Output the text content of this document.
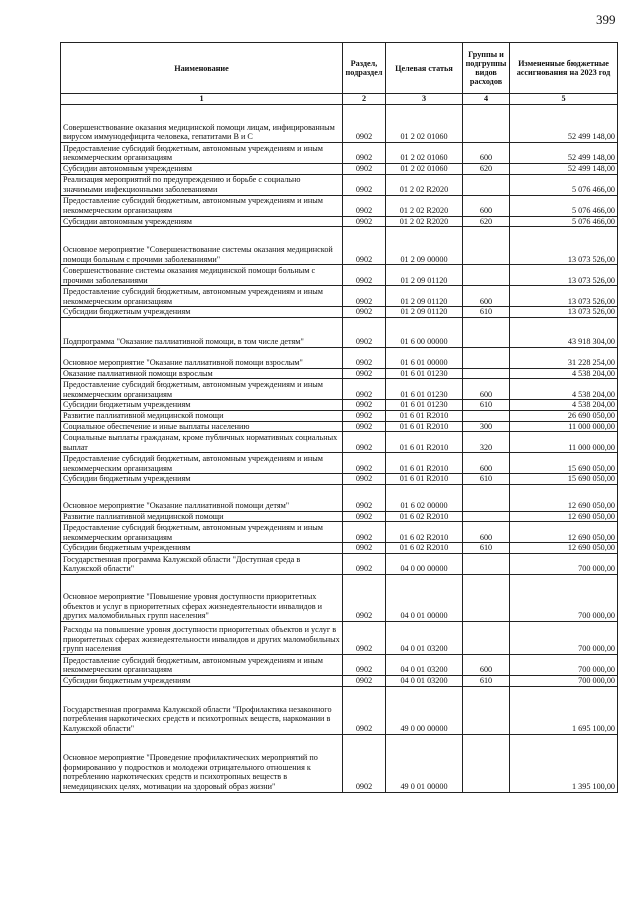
399
Наименование	Раздел, подраздел	Целевая статья	Группы и подгруппы видов расходов	Измененные бюджетные ассигнования на 2023 год
1	2	3	4	5
Совершенствование оказания медицинской помощи лицам, инфицированным вирусом иммунодефицита человека, гепатитами В и С	0902	01 2 02 01060		52 499 148,00
Предоставление субсидий бюджетным, автономным учреждениям и иным некоммерческим организациям	0902	01 2 02 01060	600	52 499 148,00
Субсидии автономным учреждениям	0902	01 2 02 01060	620	52 499 148,00
Реализация мероприятий по предупреждению и борьбе с социально значимыми инфекционными заболеваниями	0902	01 2 02 R2020		5 076 466,00
Предоставление субсидий бюджетным, автономным учреждениям и иным некоммерческим организациям	0902	01 2 02 R2020	600	5 076 466,00
Субсидии автономным учреждениям	0902	01 2 02 R2020	620	5 076 466,00
Основное мероприятие "Совершенствование системы оказания медицинской помощи больным с прочими заболеваниями"	0902	01 2 09 00000		13 073 526,00
Совершенствование системы оказания медицинской помощи больным с прочими заболеваниями	0902	01 2 09 01120		13 073 526,00
Предоставление субсидий бюджетным, автономным учреждениям и иным некоммерческим организациям	0902	01 2 09 01120	600	13 073 526,00
Субсидии бюджетным учреждениям	0902	01 2 09 01120	610	13 073 526,00
Подпрограмма "Оказание паллиативной помощи, в том числе детям"	0902	01 6 00 00000		43 918 304,00
Основное мероприятие "Оказание паллиативной помощи взрослым"	0902	01 6 01 00000		31 228 254,00
Оказание паллиативной помощи взрослым	0902	01 6 01 01230		4 538 204,00
Предоставление субсидий бюджетным, автономным учреждениям и иным некоммерческим организациям	0902	01 6 01 01230	600	4 538 204,00
Субсидии бюджетным учреждениям	0902	01 6 01 01230	610	4 538 204,00
Развитие паллиативной медицинской помощи	0902	01 6 01 R2010		26 690 050,00
Социальное обеспечение и иные выплаты населению	0902	01 6 01 R2010	300	11 000 000,00
Социальные выплаты гражданам, кроме публичных нормативных социальных выплат	0902	01 6 01 R2010	320	11 000 000,00
Предоставление субсидий бюджетным, автономным учреждениям и иным некоммерческим организациям	0902	01 6 01 R2010	600	15 690 050,00
Субсидии бюджетным учреждениям	0902	01 6 01 R2010	610	15 690 050,00
Основное мероприятие "Оказание паллиативной помощи детям"	0902	01 6 02 00000		12 690 050,00
Развитие паллиативной медицинской помощи	0902	01 6 02 R2010		12 690 050,00
Предоставление субсидий бюджетным, автономным учреждениям и иным некоммерческим организациям	0902	01 6 02 R2010	600	12 690 050,00
Субсидии бюджетным учреждениям	0902	01 6 02 R2010	610	12 690 050,00
Государственная программа Калужской области "Доступная среда в Калужской области"	0902	04 0 00 00000		700 000,00
Основное мероприятие "Повышение уровня доступности приоритетных объектов и услуг в приоритетных сферах жизнедеятельности инвалидов и других маломобильных групп населения"	0902	04 0 01 00000		700 000,00
Расходы на повышение уровня доступности приоритетных объектов и услуг в приоритетных сферах жизнедеятельности инвалидов и других маломобильных групп населения	0902	04 0 01 03200		700 000,00
Предоставление субсидий бюджетным, автономным учреждениям и иным некоммерческим организациям	0902	04 0 01 03200	600	700 000,00
Субсидии бюджетным учреждениям	0902	04 0 01 03200	610	700 000,00
Государственная программа Калужской области "Профилактика незаконного потребления наркотических средств и психотропных веществ, наркомании в Калужской области"	0902	49 0 00 00000		1 695 100,00
Основное мероприятие "Проведение профилактических мероприятий по формированию у подростков и молодежи отрицательного отношения к потреблению наркотических средств и психотропных веществ в немедицинских целях, мотивации на здоровый образ жизни"	0902	49 0 01 00000		1 395 100,00
